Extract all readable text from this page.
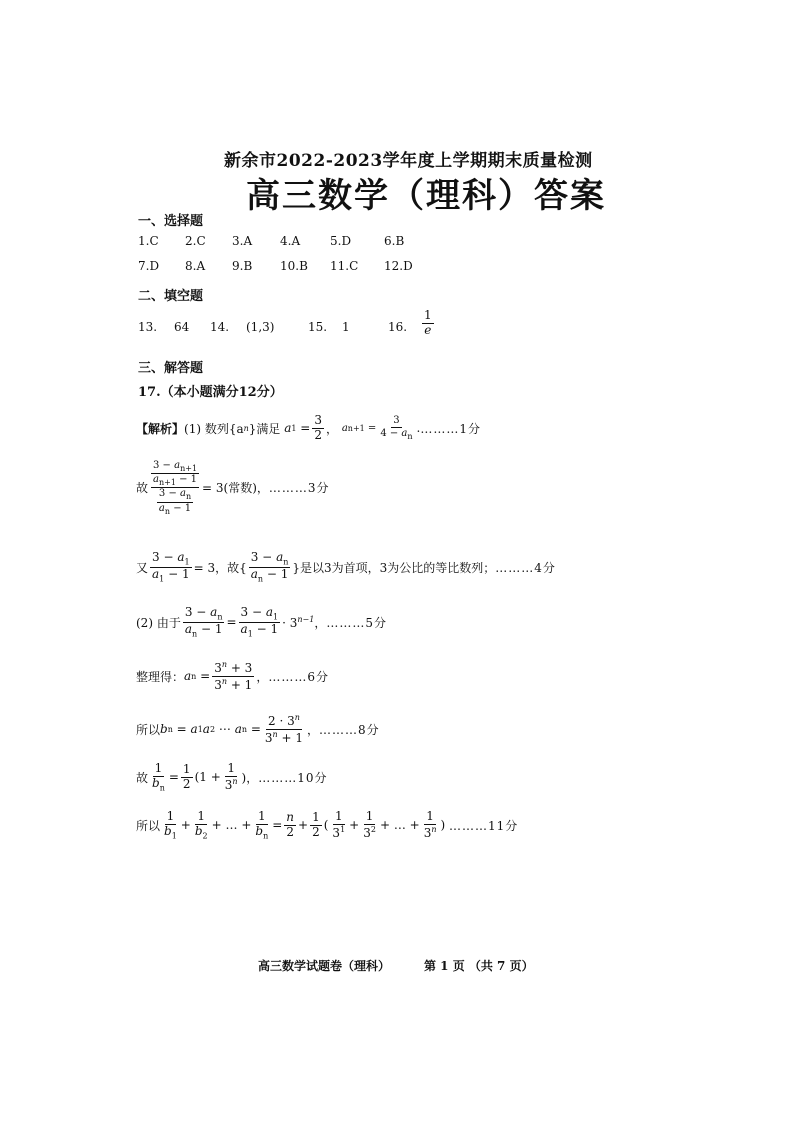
新余市2022-2023学年度上学期期末质量检测
高三数学（理科）答案
一、选择题
1.C 2.C 3.A 4.A 5.D	6.B
7.D 8.A 9.B 10.B 11.C 12.D
二、填空题
13. 64 14. (1,3)	15. 1	16. $\frac{1}{e}$
三、解答题
17.（本小题满分12分）
【解析】 (1) 数列{a n }满足 a $1 = \frac{3}{2}$ ， a $n+1 = \frac{3}{4 - a_n}$ . ………1分
故 $\frac{3 - a_{n+1}}{a_{n+1} - 1}$
$\frac{3 - a_n}{a_n - 1} = 3$(常数)， ………3分
又 $\frac{3 - a_1}{a_1 - 1} = 3$，故{ $\frac{3 - a_n}{a_n - 1}$ }是以3为首项，3为公比的等比数列； ………4分
(2) 由于 $\frac{3 - a_n}{a_n - 1} = \frac{3 - a_1}{a_1 - 1} \cdot 3^{n-1}$， ………5分
整理得： a $n = \frac{3^n + 3}{3^n + 1}$ ， ………6分
所以 b n = a 1 a 2 ⋯ a $n = \frac{2 \cdot 3^n}{3^n + 1}$ ， ………8分
故 $\frac{1}{b_n} = \frac{1}{2} (1 + \frac{1}{3^n}$ )， ………10分
所以 $\frac{1}{b_1} + \frac{1}{b_2}$ + … + $\frac{1}{b_n} = \frac{n}{2} + \frac{1}{2}$ ( $\frac{1}{3^1} + \frac{1}{3^2}$ + … + $\frac{1}{3^n}$ ) ………11分
高三数学试题卷（理科）	第 1 页 （共 7 页）
